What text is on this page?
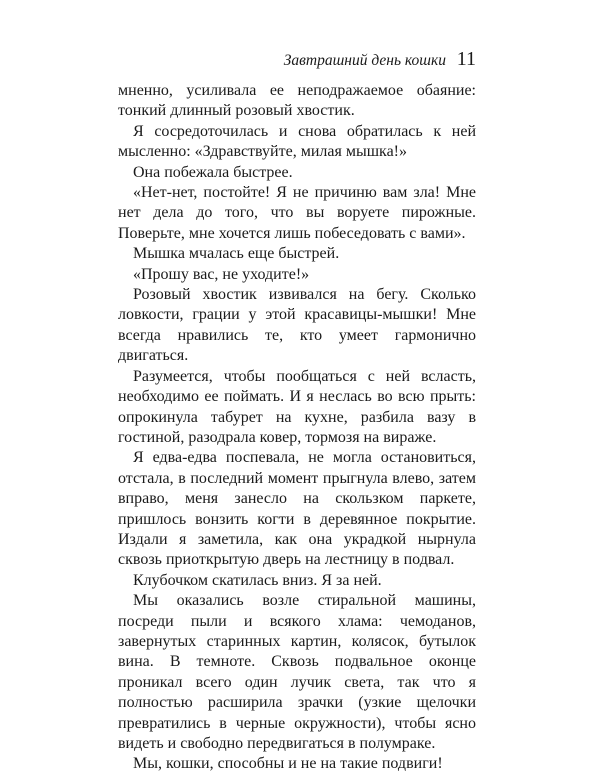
Завтрашний день кошки 11

мненно, усиливала ее неподражаемое обаяние: тонкий длинный розовый хвостик.

Я сосредоточилась и снова обратилась к ней мысленно: «Здравствуйте, милая мышка!»

Она побежала быстрее.

«Нет-нет, постойте! Я не причиню вам зла! Мне нет дела до того, что вы воруете пирожные. Поверьте, мне хочется лишь побеседовать с вами».

Мышка мчалась еще быстрей.

«Прошу вас, не уходите!»

Розовый хвостик извивался на бегу. Сколько ловкости, грации у этой красавицы-мышки! Мне всегда нравились те, кто умеет гармонично двигаться.

Разумеется, чтобы пообщаться с ней всласть, необходимо ее поймать. И я неслась во всю прыть: опрокинула табурет на кухне, разбила вазу в гостиной, разодрала ковер, тормозя на вираже.

Я едва-едва поспевала, не могла остановиться, отстала, в последний момент прыгнула влево, затем вправо, меня занесло на скользком паркете, пришлось вонзить когти в деревянное покрытие. Издали я заметила, как она украдкой нырнула сквозь приоткрытую дверь на лестницу в подвал.

Клубочком скатилась вниз. Я за ней.

Мы оказались возле стиральной машины, посреди пыли и всякого хлама: чемоданов, завернутых старинных картин, колясок, бутылок вина. В темноте. Сквозь подвальное оконце проникал всего один лучик света, так что я полностью расширила зрачки (узкие щелочки превратились в черные окружности), чтобы ясно видеть и свободно передвигаться в полумраке.

Мы, кошки, способны и не на такие подвиги!
